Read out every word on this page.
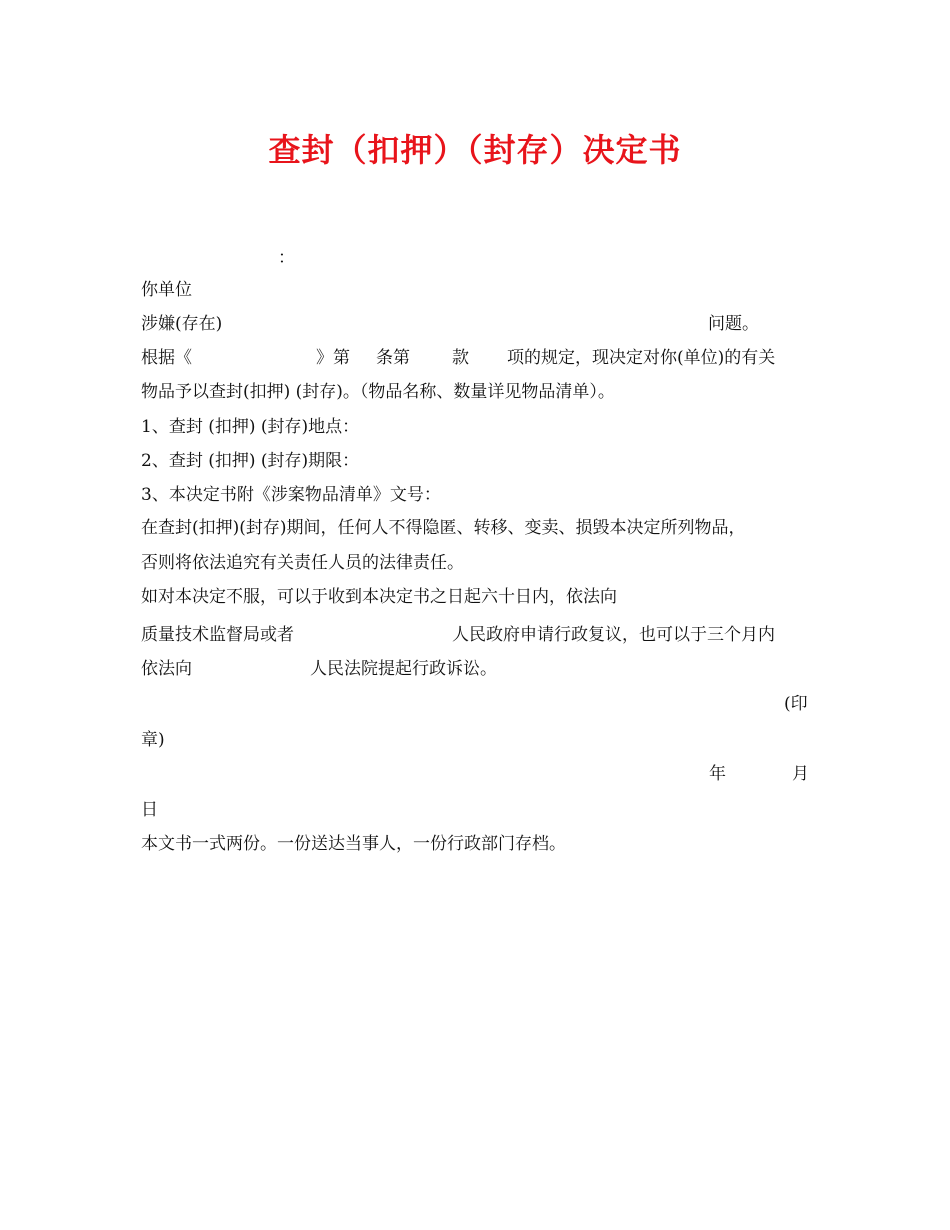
查封（扣押）（封存）决定书
：
你单位
涉嫌(存在)	问题。
根据《	》第 条第 款 项的规定，现决定对你(单位)的有关
物品予以查封(扣押) (封存)。（物品名称、数量详见物品清单）。
1、查封 (扣押) (封存)地点：
2、查封 (扣押) (封存)期限：
3、本决定书附《涉案物品清单》文号：
在查封(扣押)(封存)期间，任何人不得隐匿、转移、变卖、损毁本决定所列物品，
否则将依法追究有关责任人员的法律责任。
如对本决定不服，可以于收到本决定书之日起六十日内，依法向
质量技术监督局或者	人民政府申请行政复议，也可以于三个月内
依法向	人民法院提起行政诉讼。
(印
章)
年	月
日
本文书一式两份。一份送达当事人，一份行政部门存档。
